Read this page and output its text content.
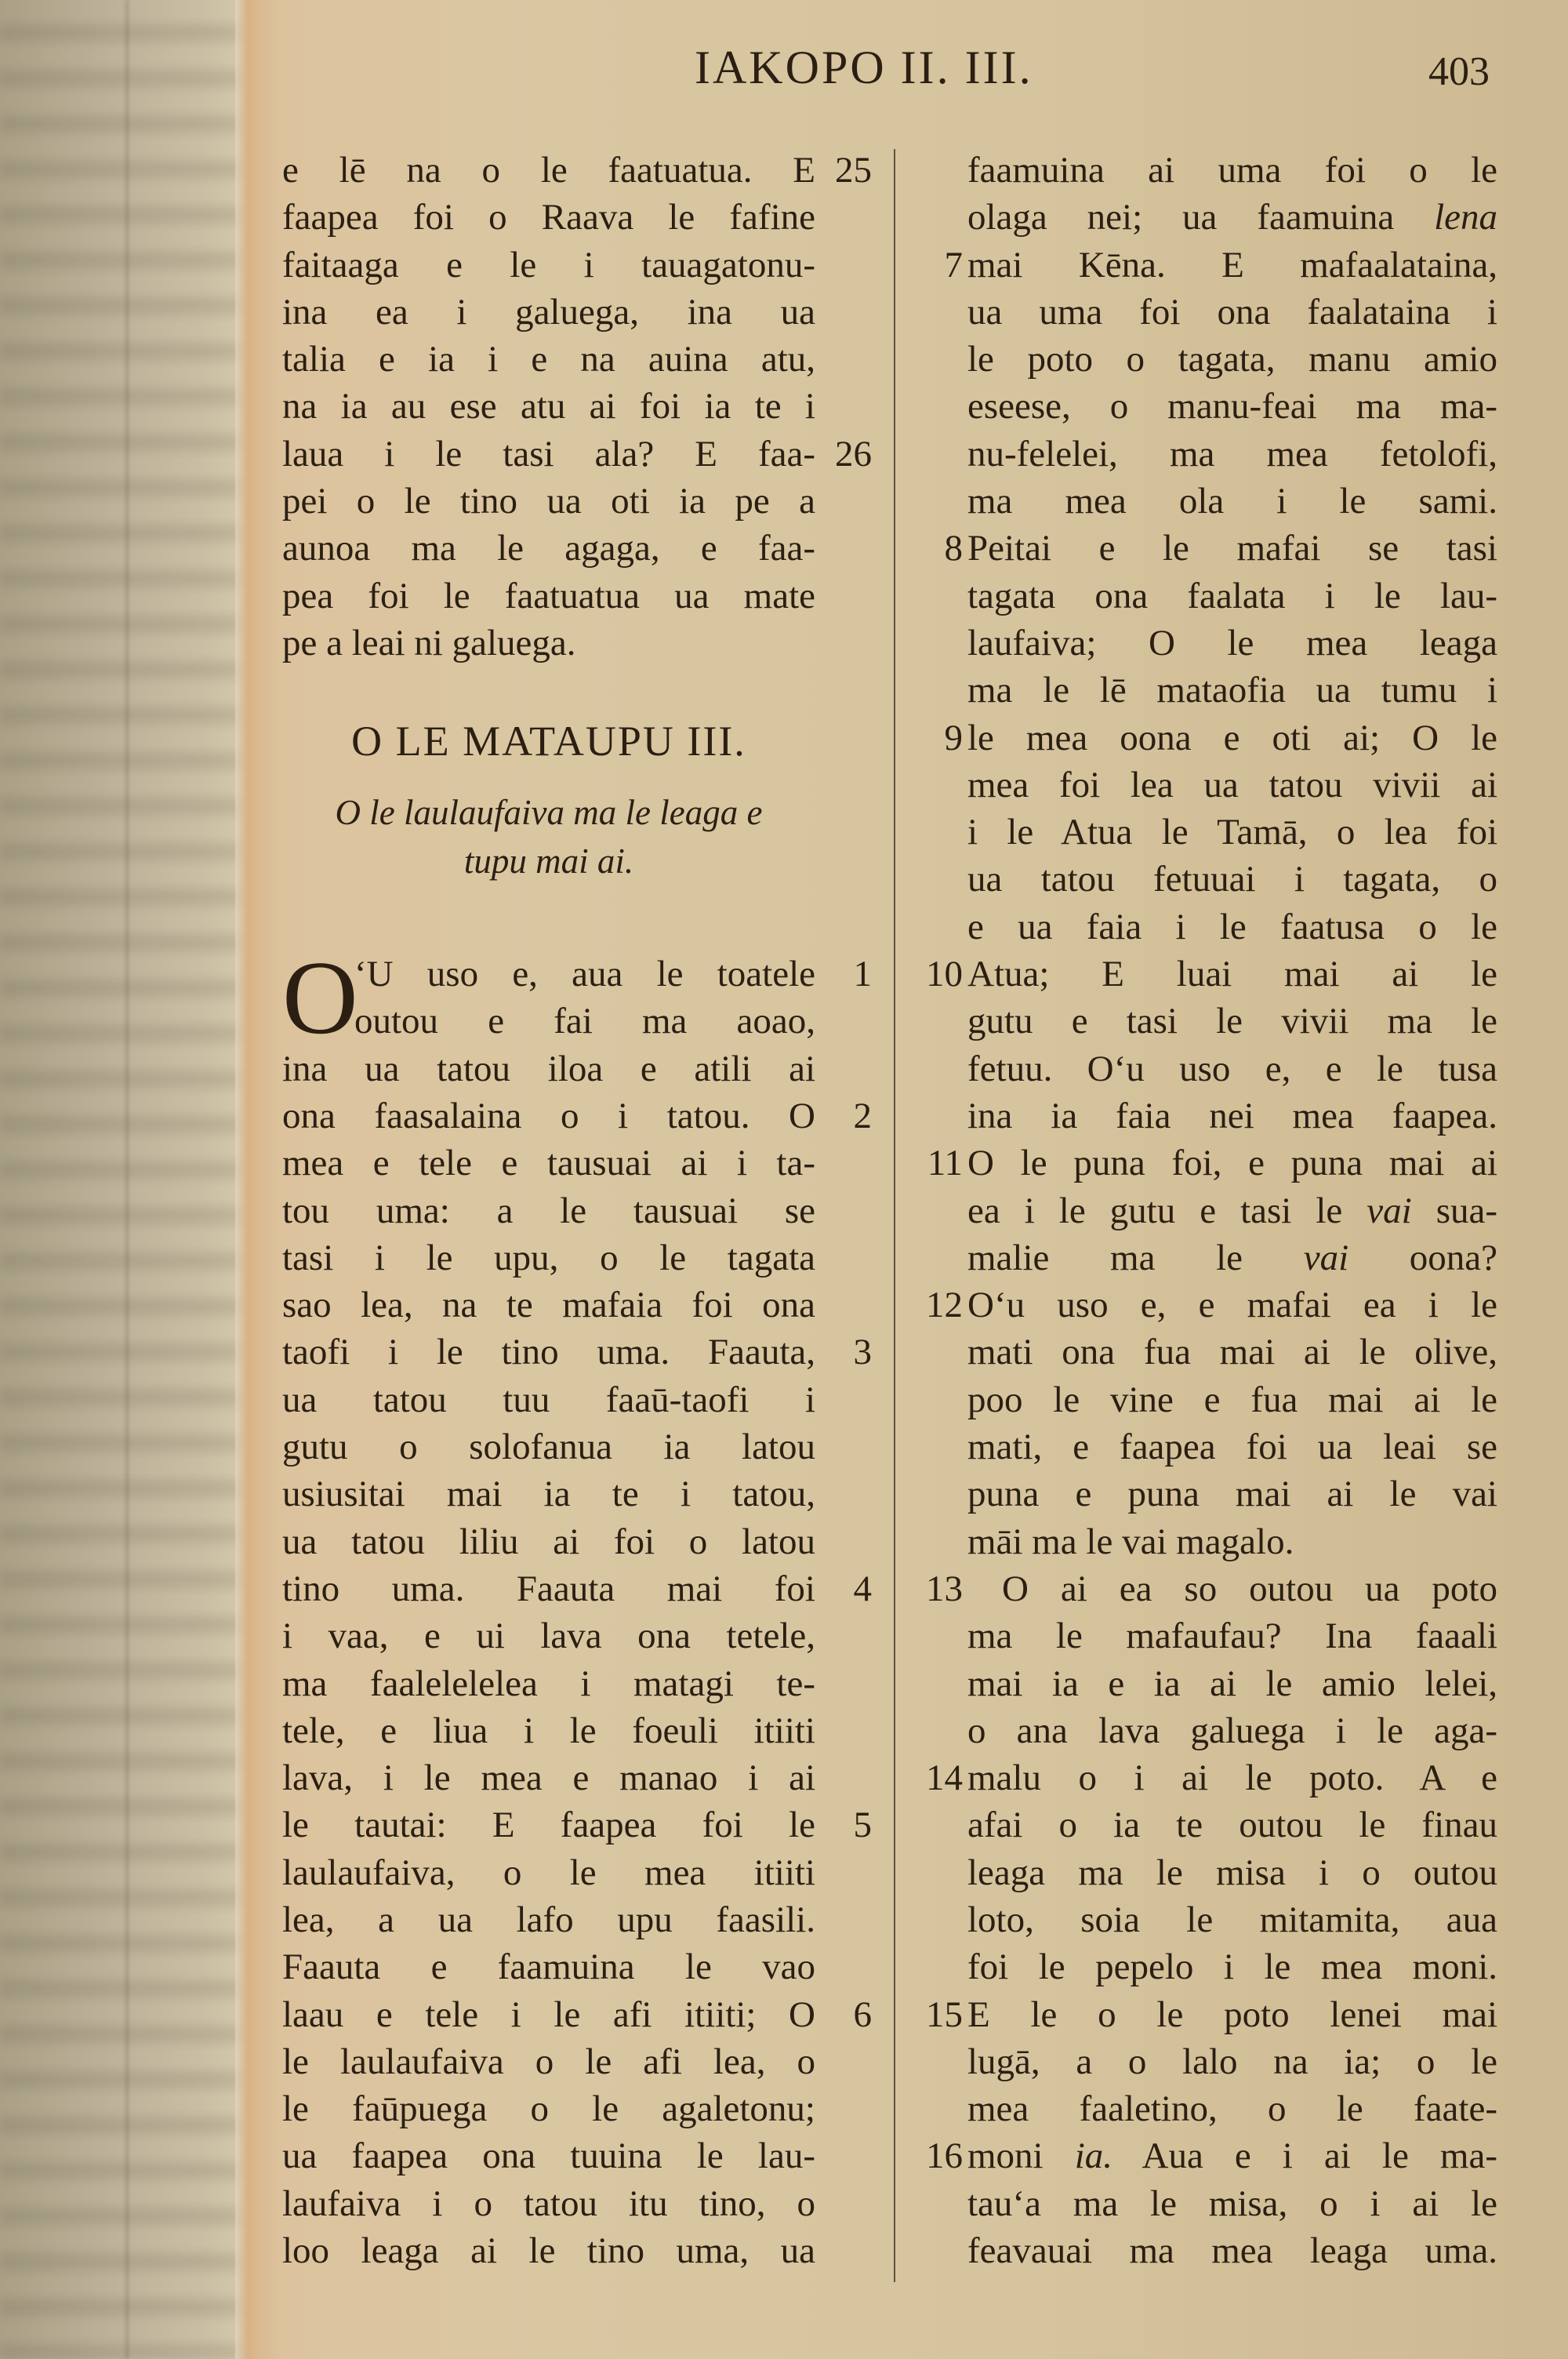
IAKOPO II. III.	403
e lē na o le faatuatua. E 25
faapea foi o Raava le fafine
faitaaga e le i tauagatonu-
ina ea i galuega, ina ua
talia e ia i e na auina atu,
na ia au ese atu ai foi ia te i
laua i le tasi ala? E faa- 26
pei o le tino ua oti ia pe a
aunoa ma le agaga, e faa-
pea foi le faatuatua ua mate
pe a leai ni galuega.
O LE MATAUPU III.
O le laulaufaiva ma le leaga e
tupu mai ai.
O
‘U uso e, aua le toatele	1
outou e fai ma aoao,
ina ua tatou iloa e atili ai
ona faasalaina o i tatou. O	2
mea e tele e tausuai ai i ta-
tou uma: a le tausuai se
tasi i le upu, o le tagata
sao lea, na te mafaia foi ona
taofi i le tino uma. Faauta,	3
ua tatou tuu faaū-taofi i
gutu o solofanua ia latou
usiusitai mai ia te i tatou,
ua tatou liliu ai foi o latou
tino uma. Faauta mai foi	4
i vaa, e ui lava ona tetele,
ma faalelelelea i matagi te-
tele, e liua i le foeuli itiiti
lava, i le mea e manao i ai
le tautai: E faapea foi le	5
laulaufaiva, o le mea itiiti
lea, a ua lafo upu faasili.
Faauta e faamuina le vao
laau e tele i le afi itiiti; O	6
le laulaufaiva o le afi lea, o
le faūpuega o le agaletonu;
ua faapea ona tuuina le lau-
laufaiva i o tatou itu tino, o
loo leaga ai le tino uma, ua
faamuina ai uma foi o le
olaga nei; ua faamuina lena
7 mai Kēna. E mafaalataina,
ua uma foi ona faalataina i
le poto o tagata, manu amio
eseese, o manu-feai ma ma-
nu-felelei, ma mea fetolofi,
ma mea ola i le sami.
8 Peitai e le mafai se tasi
tagata ona faalata i le lau-
laufaiva; O le mea leaga
ma le lē mataofia ua tumu i
9 le mea oona e oti ai; O le
mea foi lea ua tatou vivii ai
i le Atua le Tamā, o lea foi
ua tatou fetuuai i tagata, o
e ua faia i le faatusa o le
10 Atua; E luai mai ai le
gutu e tasi le vivii ma le
fetuu. O‘u uso e, e le tusa
ina ia faia nei mea faapea.
11 O le puna foi, e puna mai ai
ea i le gutu e tasi le vai sua-
malie ma le vai oona?
12 O‘u uso e, e mafai ea i le
mati ona fua mai ai le olive,
poo le vine e fua mai ai le
mati, e faapea foi ua leai se
puna e puna mai ai le vai
māi ma le vai magalo.
13	O ai ea so outou ua poto
ma le mafaufau? Ina faaali
mai ia e ia ai le amio lelei,
o ana lava galuega i le aga-
14 malu o i ai le poto. A e
afai o ia te outou le finau
leaga ma le misa i o outou
loto, soia le mitamita, aua
foi le pepelo i le mea moni.
15 E le o le poto lenei mai
lugā, a o lalo na ia; o le
mea faaletino, o le faate-
16 moni ia. Aua e i ai le ma-
tau‘a ma le misa, o i ai le
feavauai ma mea leaga uma.
